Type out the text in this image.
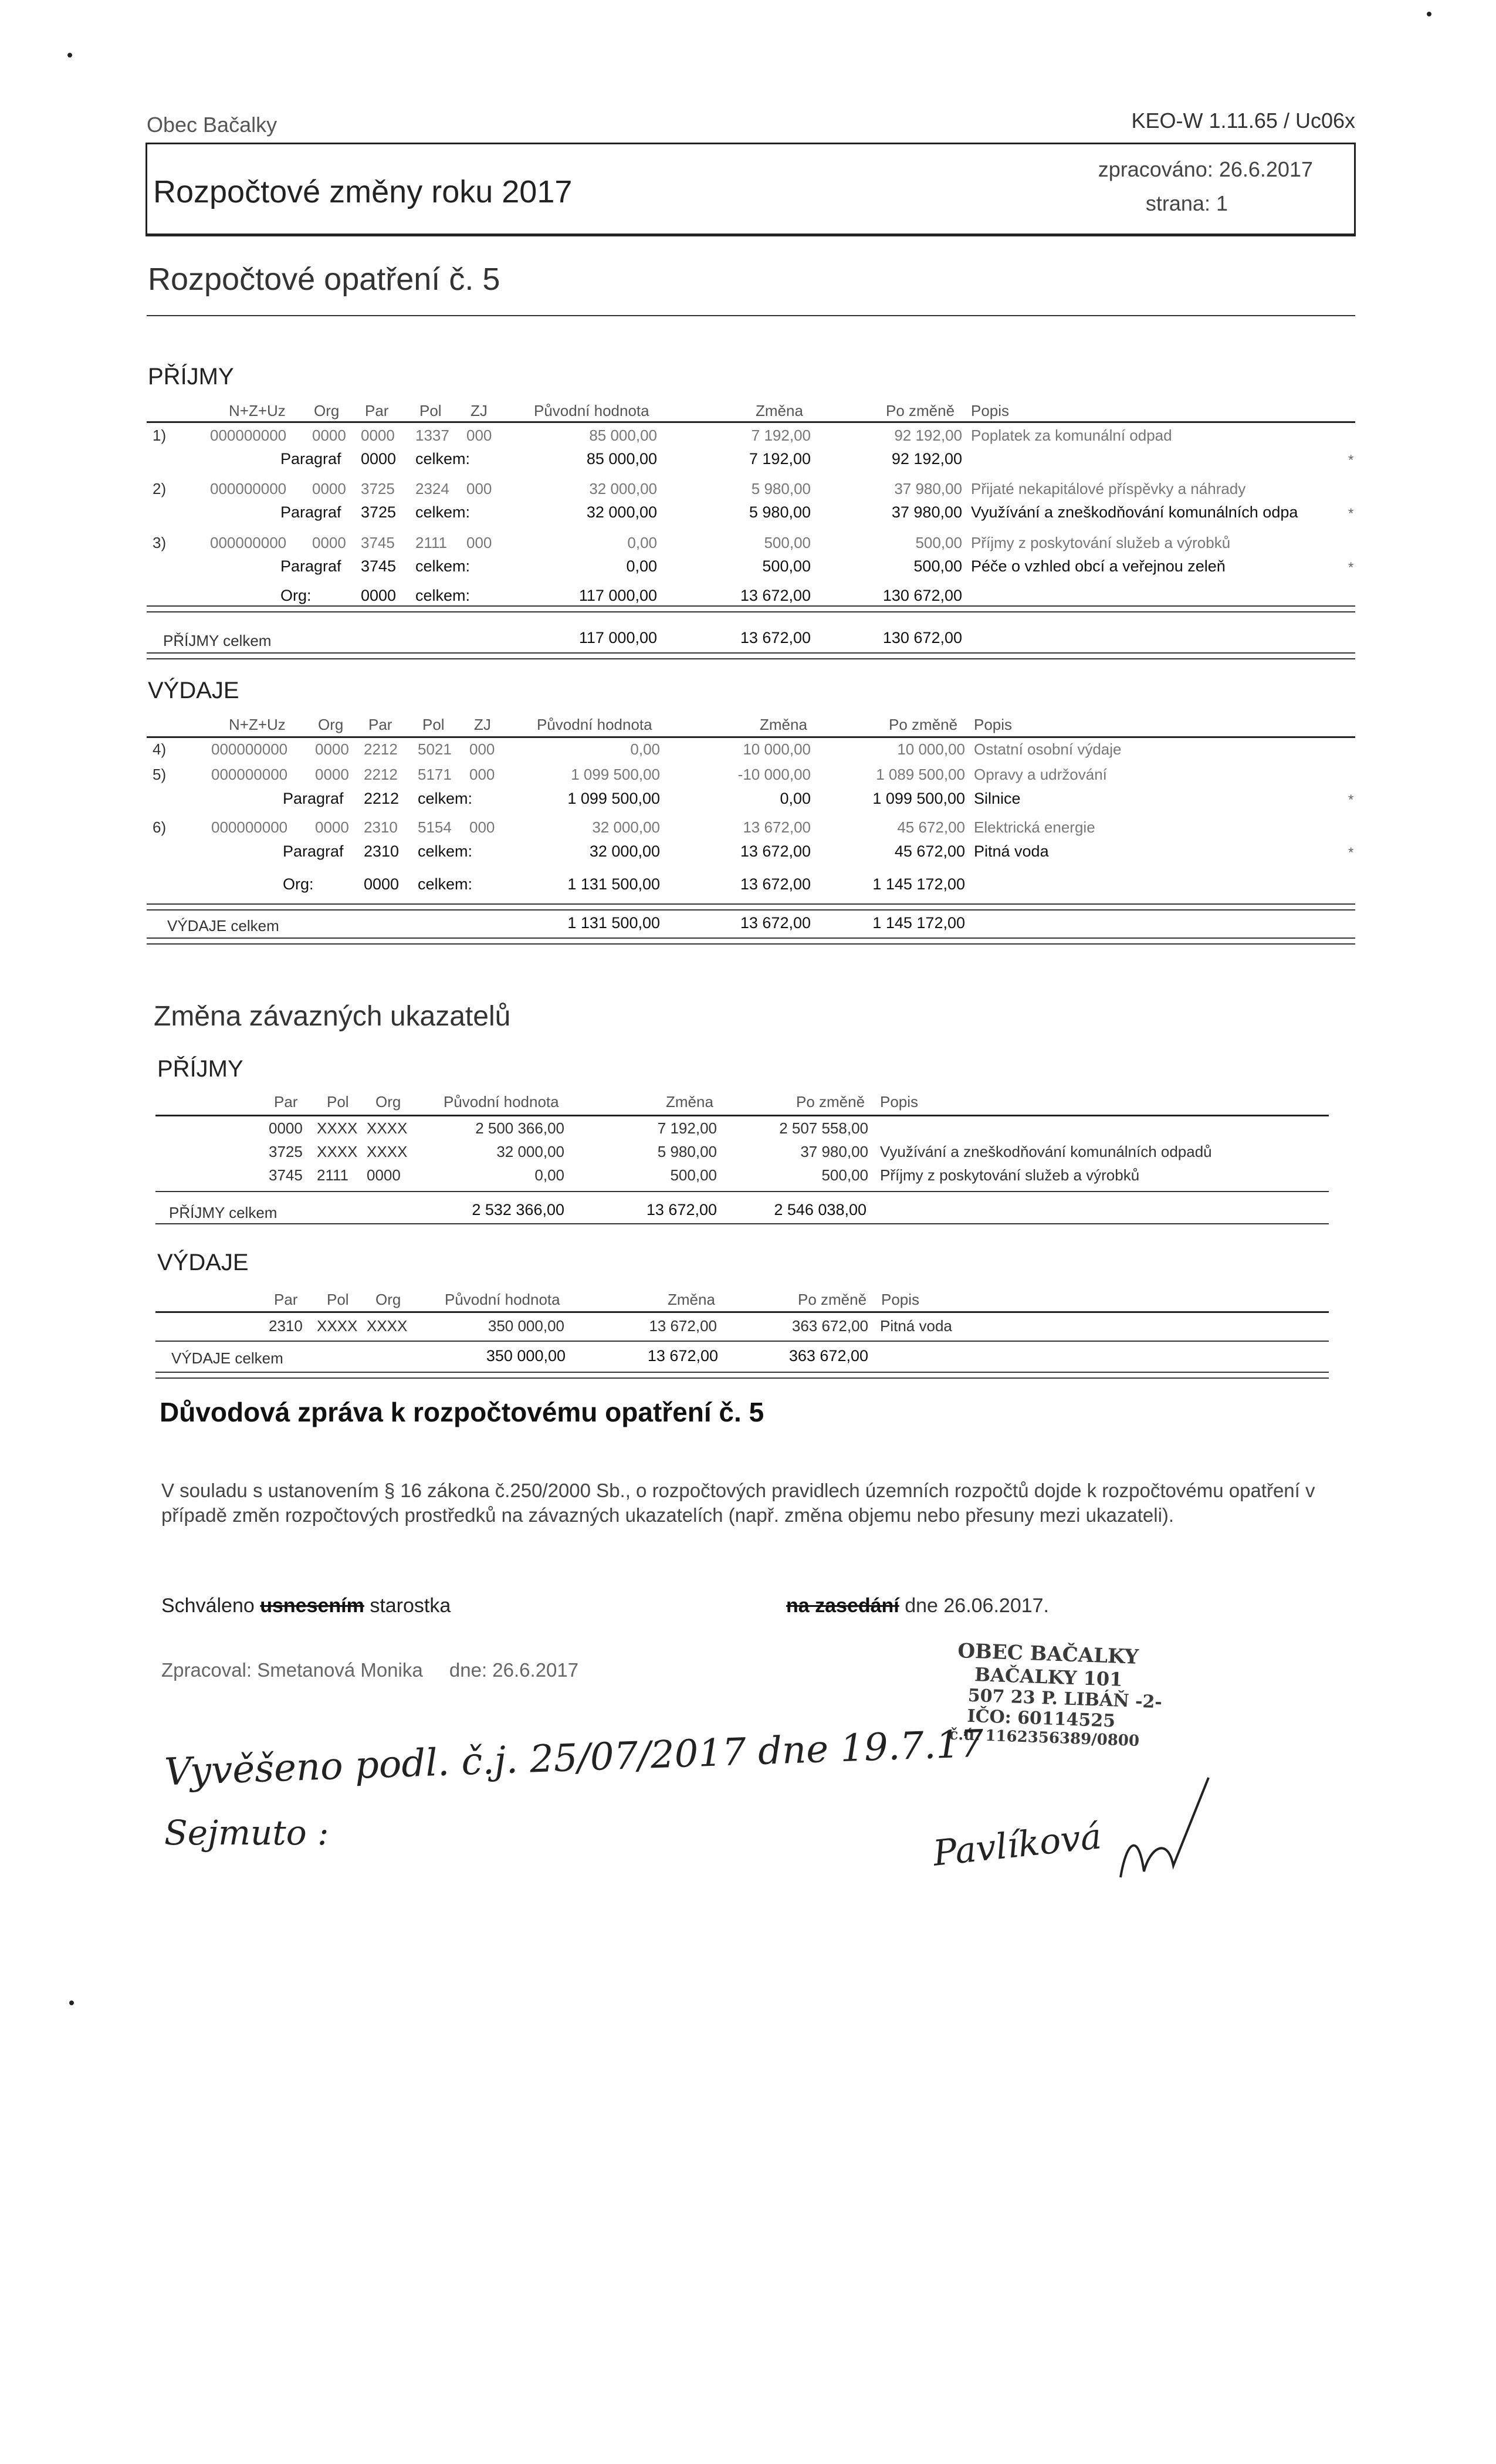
Obec Bačalky	KEO-W 1.11.65 / Uc06x
Rozpočtové změny roku 2017
zpracováno: 26.6.2017
strana: 1
Rozpočtové opatření č. 5
PŘÍJMY
N+Z+Uz Org Par Pol ZJ	Původní hodnota	Změna	Po změně Popis
1)	000000000 0000 0000 1337 000	85 000,00	7 192,00	92 192,00 Poplatek za komunální odpad
Paragraf 0000 celkem:	85 000,00	7 192,00	92 192,00	*
2)	000000000 0000 3725 2324 000	32 000,00	5 980,00	37 980,00 Přijaté nekapitálové příspěvky a náhrady
Paragraf 3725 celkem:	32 000,00	5 980,00	37 980,00 Využívání a zneškodňování komunálních odpa	*
3)	000000000 0000 3745 2111 000	0,00	500,00	500,00 Příjmy z poskytování služeb a výrobků
Paragraf 3745 celkem:	0,00	500,00	500,00 Péče o vzhled obcí a veřejnou zeleň	*
Org:	0000 celkem:	117 000,00	13 672,00	130 672,00
PŘÍJMY celkem	117 000,00	13 672,00	130 672,00
VÝDAJE
N+Z+Uz Org Par Pol ZJ	Původní hodnota	Změna	Po změně Popis
4)	000000000 0000 2212 5021 000	0,00	10 000,00	10 000,00 Ostatní osobní výdaje
5)	000000000 0000 2212 5171 000	1 099 500,00	-10 000,00	1 089 500,00 Opravy a udržování
Paragraf 2212 celkem:	1 099 500,00	0,00	1 099 500,00 Silnice	*
6)	000000000 0000 2310 5154 000	32 000,00	13 672,00	45 672,00 Elektrická energie
Paragraf 2310 celkem:	32 000,00	13 672,00	45 672,00 Pitná voda	*
Org:	0000 celkem:	1 131 500,00	13 672,00	1 145 172,00
VÝDAJE celkem	1 131 500,00	13 672,00	1 145 172,00
Změna závazných ukazatelů
PŘÍJMY
Par Pol Org	Původní hodnota	Změna	Po změně Popis
0000 XXXX XXXX	2 500 366,00	7 192,00	2 507 558,00
3725 XXXX XXXX	32 000,00	5 980,00	37 980,00 Využívání a zneškodňování komunálních odpadů
3745 2111 0000	0,00	500,00	500,00 Příjmy z poskytování služeb a výrobků
PŘÍJMY celkem	2 532 366,00	13 672,00	2 546 038,00
VÝDAJE
Par Pol Org	Původní hodnota	Změna	Po změně Popis
2310 XXXX XXXX	350 000,00	13 672,00	363 672,00 Pitná voda
VÝDAJE celkem	350 000,00	13 672,00	363 672,00
Důvodová zpráva k rozpočtovému opatření č. 5
V souladu s ustanovením § 16 zákona č.250/2000 Sb., o rozpočtových pravidlech územních rozpočtů dojde k rozpočtovému opatření v případě změn rozpočtových prostředků na závazných ukazatelích (např. změna objemu nebo přesuny mezi ukazateli).
Schváleno usnesením starostka	na zasedání dne 26.06.2017.
Zpracoval: Smetanová Monika dne: 26.6.2017
OBEC BAČALKY
BAČALKY 101
507 23 P. LIBÁŇ -2-
IČO: 60114525
č.ú. 1162356389/0800
Vyvěšeno podl. č.j. 25/07/2017 dne 19.7.17
Sejmuto :	Pavlíková
